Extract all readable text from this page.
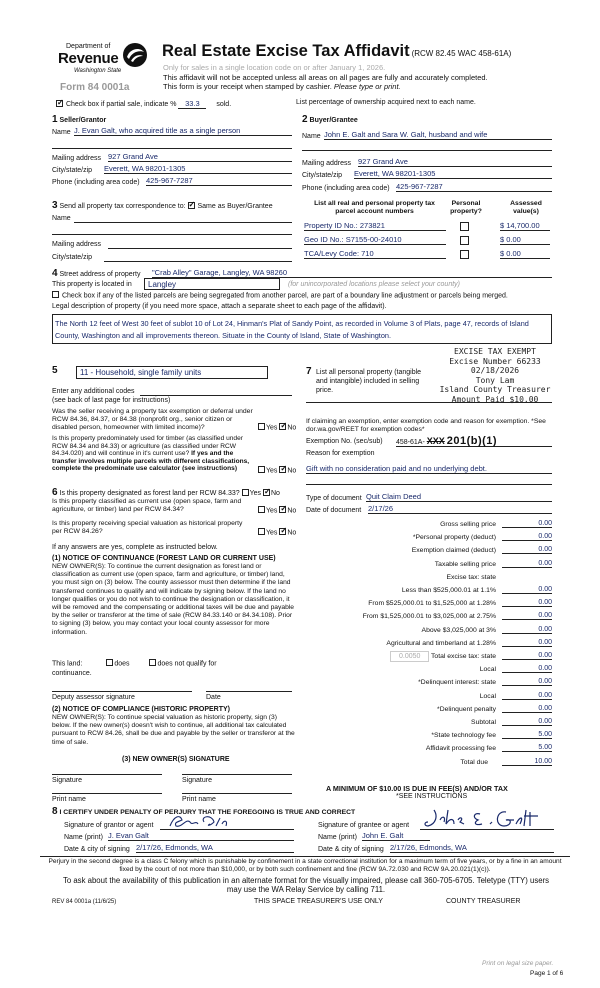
Department of
Revenue
Washington State
Form 84 0001a
Real Estate Excise Tax Affidavit (RCW 82.45 WAC 458-61A)
Only for sales in a single location code on or after January 1, 2026.
This affidavit will not be accepted unless all areas on all pages are fully and accurately completed.
This form is your receipt when stamped by cashier. Please type or print.
✓ Check box if partial sale, indicate % 33.3 sold.	List percentage of ownership acquired next to each name.
1 Seller/Grantor
Name J. Evan Galt, who acquired title as a single person
Mailing address 927 Grand Ave
City/state/zip Everett, WA 98201-1305
Phone (including area code) 425-967-7287
2 Buyer/Grantee
Name John E. Galt and Sara W. Galt, husband and wife
Mailing address 927 Grand Ave
City/state/zip Everett, WA 98201-1305
Phone (including area code) 425-967-7287
3 Send all property tax correspondence to: ✓ Same as Buyer/Grantee
Name
Mailing address
City/state/zip
List all real and personal property tax
parcel account numbers
Personal
property?
Assessed
value(s)
Property ID No.: 273821	$ 14,700.00
Geo ID No.: S7155-00-24010	$ 0.00
TCA/Levy Code: 710	$ 0.00
4 Street address of property "Crab Alley" Garage, Langley, WA 98260
This property is located in	Langley	(for unincorporated locations please select your county)
Check box if any of the listed parcels are being segregated from another parcel, are part of a boundary line adjustment or parcels being merged.
Legal description of property (if you need more space, attach a separate sheet to each page of the affidavit).
The North 12 feet of West 30 feet of sublot 10 of Lot 24, Hinman's Plat of Sandy Point, as recorded in Volume 3 of Plats, page 47, records of Island County, Washington and all improvements thereon. Situate in the County of Island, State of Washington.
EXCISE TAX EXEMPT
Excise Number 66233
02/18/2026
Tony Lam
Island County Treasurer
Amount Paid $10.00
5	11 - Household, single family units
Enter any additional codes
(see back of last page for instructions)
Was the seller receiving a property tax exemption or deferral under RCW 84.36, 84.37, or 84.38 (nonprofit org., senior citizen or disabled person, homeowner with limited income)?	Yes ✓ No
Is this property predominately used for timber (as classified under RCW 84.34 and 84.33) or agriculture (as classified under RCW 84.34.020) and will continue in it's current use? If yes and the transfer involves multiple parcels with different classifications, complete the predominate use calculator (see instructions)	Yes ✓ No
7 List all personal property (tangible and intangible) included in selling price.
If claiming an exemption, enter exemption code and reason for exemption. *See dor.wa.gov/REET for exemption codes*
Exemption No. (sec/sub) 458-61A- XXX 201(b)(1)
Reason for exemption
Gift with no consideration paid and no underlying debt.
Type of document Quit Claim Deed
Date of document 2/17/26
6 Is this property designated as forest land per RCW 84.33? Yes ✓ No
Is this property classified as current use (open space, farm and agriculture, or timber) land per RCW 84.34?	Yes ✓ No
Is this property receiving special valuation as historical property per RCW 84.26?	Yes ✓ No
If any answers are yes, complete as instructed below.
(1) NOTICE OF CONTINUANCE (FOREST LAND OR CURRENT USE)
NEW OWNER(S): To continue the current designation as forest land or classification as current use (open space, farm and agriculture, or timber) land, you must sign on (3) below. The county assessor must then determine if the land transferred continues to qualify and will indicate by signing below. If the land no longer qualifies or you do not wish to continue the designation or classification, it will be removed and the compensating or additional taxes will be due and payable by the seller or transferor at the time of sale (RCW 84.33.140 or 84.34.108). Prior to signing (3) below, you may contact your local county assessor for more information.
This land:	does	does not qualify for
continuance.
Deputy assessor signature	Date
(2) NOTICE OF COMPLIANCE (HISTORIC PROPERTY)
NEW OWNER(S): To continue special valuation as historic property, sign (3) below. If the new owner(s) doesn't wish to continue, all additional tax calculated pursuant to RCW 84.26, shall be due and payable by the seller or transferor at the time of sale.
(3) NEW OWNER(S) SIGNATURE
Signature	Signature
Print name	Print name
Gross selling price	0.00
*Personal property (deduct)	0.00
Exemption claimed (deduct)	0.00
Taxable selling price	0.00
Excise tax: state
Less than $525,000.01 at 1.1%	0.00
From $525,000.01 to $1,525,000 at 1.28%	0.00
From $1,525,000.01 to $3,025,000 at 2.75%	0.00
Above $3,025,000 at 3%	0.00
Agricultural and timberland at 1.28%	0.00
Total excise tax: state	0.00
Local	0.00
*Delinquent interest: state	0.00
Local	0.00
*Delinquent penalty	0.00
Subtotal	0.00
*State technology fee	5.00
Affidavit processing fee	5.00
Total due	10.00
0.0050
A MINIMUM OF $10.00 IS DUE IN FEE(S) AND/OR TAX
*SEE INSTRUCTIONS
8 I CERTIFY UNDER PENALTY OF PERJURY THAT THE FOREGOING IS TRUE AND CORRECT
Signature of grantor or agent
Name (print) J. Evan Galt
Date & city of signing 2/17/26, Edmonds, WA
Signature of grantee or agent
Name (print) John E. Galt
Date & city of signing 2/17/26, Edmonds, WA
Perjury in the second degree is a class C felony which is punishable by confinement in a state correctional institution for a maximum term of five years, or by a fine in an amount fixed by the court of not more than $10,000, or by both such confinement and fine (RCW 9A.72.030 and RCW 9A.20.021(1)(c)).
To ask about the availability of this publication in an alternate format for the visually impaired, please call 360-705-6705. Teletype (TTY) users may use the WA Relay Service by calling 711.
REV 84 0001a (11/6/25)	THIS SPACE TREASURER'S USE ONLY	COUNTY TREASURER
Print on legal size paper.
Page 1 of 6
